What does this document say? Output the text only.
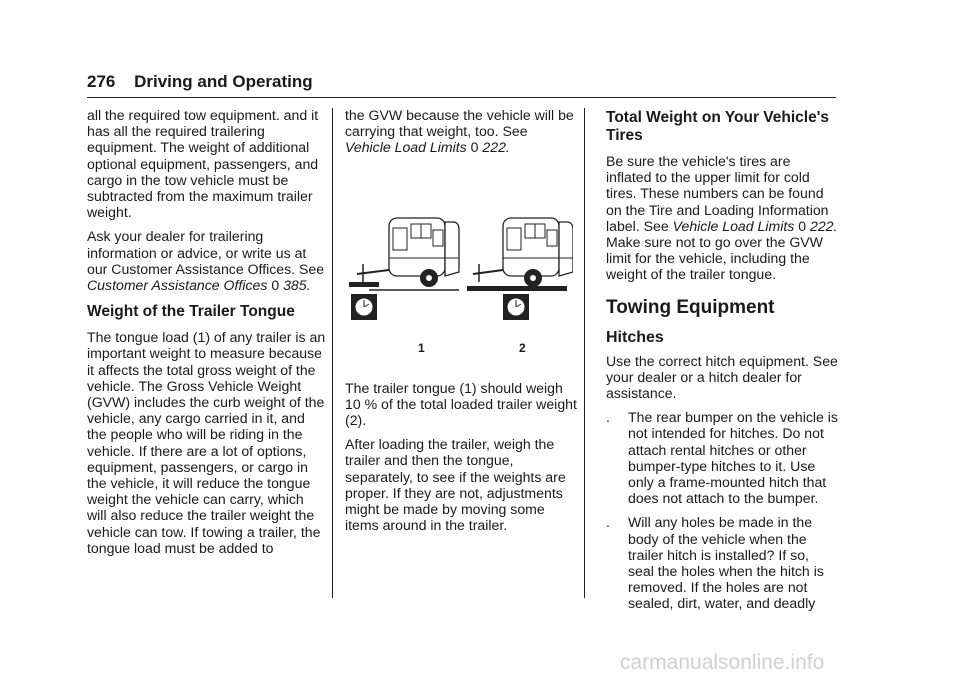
276 Driving and Operating

all the required tow equipment. and it has all the required trailering equipment. The weight of additional optional equipment, passengers, and cargo in the tow vehicle must be subtracted from the maximum trailer weight.

Ask your dealer for trailering information or advice, or write us at our Customer Assistance Offices. See Customer Assistance Offices 0 385.

Weight of the Trailer Tongue

The tongue load (1) of any trailer is an important weight to measure because it affects the total gross weight of the vehicle. The Gross Vehicle Weight (GVW) includes the curb weight of the vehicle, any cargo carried in it, and the people who will be riding in the vehicle. If there are a lot of options, equipment, passengers, or cargo in the vehicle, it will reduce the tongue weight the vehicle can carry, which will also reduce the trailer weight the vehicle can tow. If towing a trailer, the tongue load must be added to

the GVW because the vehicle will be carrying that weight, too. See Vehicle Load Limits 0 222.

1	2

The trailer tongue (1) should weigh 10 % of the total loaded trailer weight (2).

After loading the trailer, weigh the trailer and then the tongue, separately, to see if the weights are proper. If they are not, adjustments might be made by moving some items around in the trailer.

Total Weight on Your Vehicle's Tires

Be sure the vehicle's tires are inflated to the upper limit for cold tires. These numbers can be found on the Tire and Loading Information label. See Vehicle Load Limits 0 222. Make sure not to go over the GVW limit for the vehicle, including the weight of the trailer tongue.

Towing Equipment
Hitches

Use the correct hitch equipment. See your dealer or a hitch dealer for assistance.

. The rear bumper on the vehicle is not intended for hitches. Do not attach rental hitches or other bumper-type hitches to it. Use only a frame-mounted hitch that does not attach to the bumper.
. Will any holes be made in the body of the vehicle when the trailer hitch is installed? If so, seal the holes when the hitch is removed. If the holes are not sealed, dirt, water, and deadly
carmanualsonline.info
